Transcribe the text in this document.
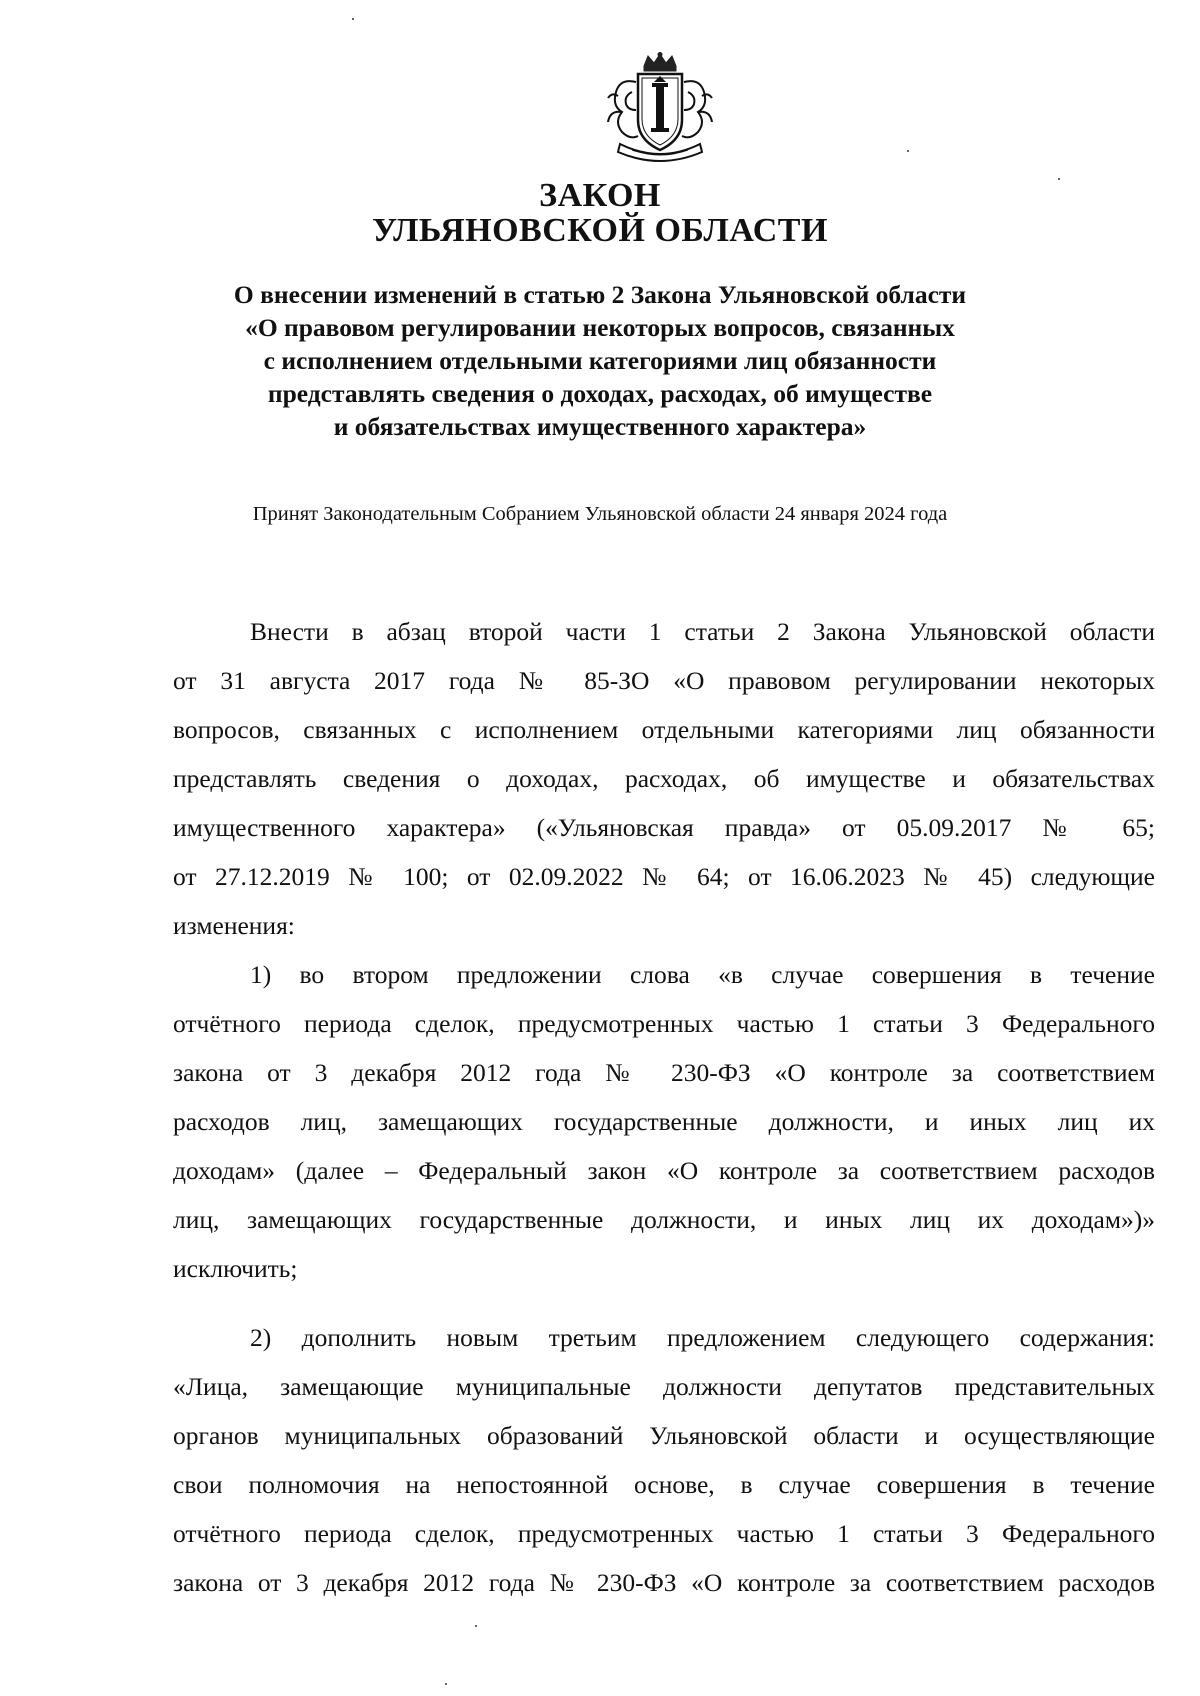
ЗАКОН
УЛЬЯНОВСКОЙ ОБЛАСТИ
О внесении изменений в статью 2 Закона Ульяновской области
«О правовом регулировании некоторых вопросов, связанных
с исполнением отдельными категориями лиц обязанности
представлять сведения о доходах, расходах, об имуществе
и обязательствах имущественного характера»

Принят Законодательным Собранием Ульяновской области 24 января 2024 года

Внести в абзац второй части 1 статьи 2 Закона Ульяновской области
от 31 августа 2017 года № 85-ЗО «О правовом регулировании некоторых
вопросов, связанных с исполнением отдельными категориями лиц обязанности
представлять сведения о доходах, расходах, об имуществе и обязательствах
имущественного характера» («Ульяновская правда» от 05.09.2017 № 65;
от 27.12.2019 № 100; от 02.09.2022 № 64; от 16.06.2023 № 45) следующие
изменения:
1) во втором предложении слова «в случае совершения в течение
отчётного периода сделок, предусмотренных частью 1 статьи 3 Федерального
закона от 3 декабря 2012 года № 230-ФЗ «О контроле за соответствием
расходов лиц, замещающих государственные должности, и иных лиц их
доходам» (далее – Федеральный закон «О контроле за соответствием расходов
лиц, замещающих государственные должности, и иных лиц их доходам»)»
исключить;
2) дополнить новым третьим предложением следующего содержания:
«Лица, замещающие муниципальные должности депутатов представительных
органов муниципальных образований Ульяновской области и осуществляющие
свои полномочия на непостоянной основе, в случае совершения в течение
отчётного периода сделок, предусмотренных частью 1 статьи 3 Федерального
закона от 3 декабря 2012 года № 230-ФЗ «О контроле за соответствием расходов
